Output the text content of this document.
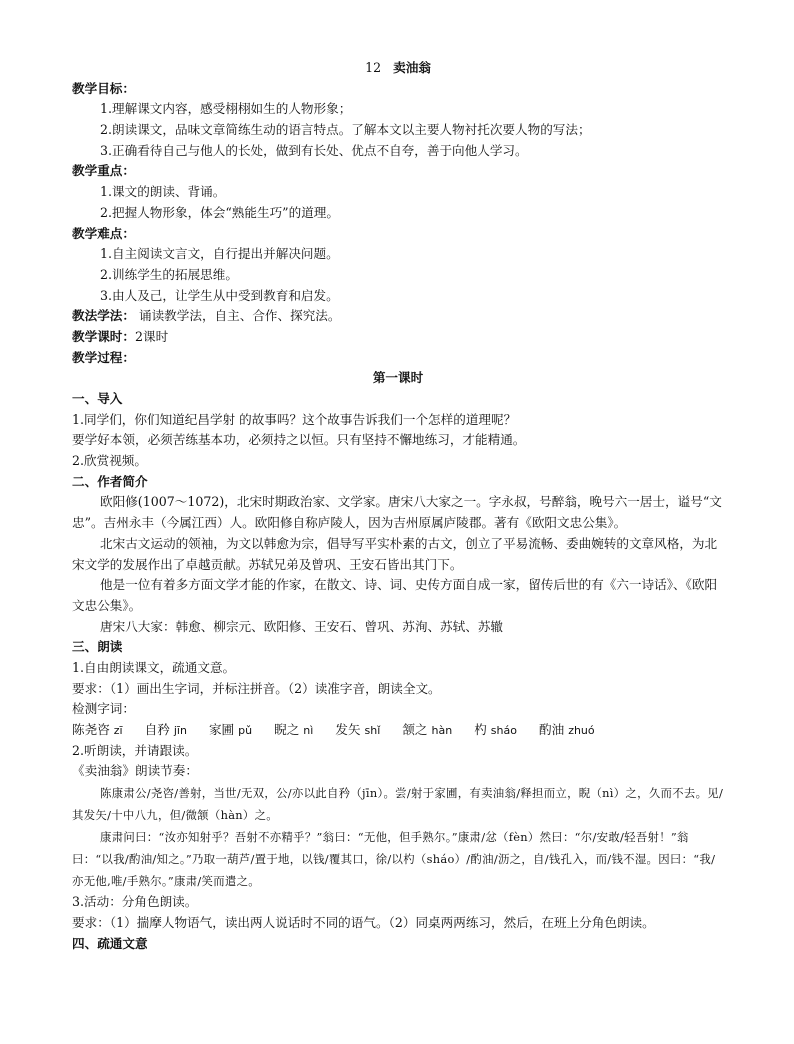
12 卖油翁
教学目标：
1.理解课文内容，感受栩栩如生的人物形象；
2.朗读课文，品味文章简练生动的语言特点。了解本文以主要人物衬托次要人物的写法；
3.正确看待自己与他人的长处，做到有长处、优点不自夸，善于向他人学习。
教学重点：
1.课文的朗读、背诵。
2.把握人物形象，体会“熟能生巧”的道理。
教学难点：
1.自主阅读文言文，自行提出并解决问题。
2.训练学生的拓展思维。
3.由人及己，让学生从中受到教育和启发。
教法学法： 诵读教学法，自主、合作、探究法。
教学课时：2课时
教学过程：
第一课时
一、导入
1.同学们，你们知道纪昌学射 的故事吗？这个故事告诉我们一个怎样的道理呢？
要学好本领，必须苦练基本功，必须持之以恒。只有坚持不懈地练习，才能精通。
2.欣赏视频。
二、作者简介
欧阳修(1007～1072)，北宋时期政治家、文学家。唐宋八大家之一。字永叔，号醉翁，晚号六一居士，谥号“文忠”。吉州永丰（今属江西）人。欧阳修自称庐陵人，因为吉州原属庐陵郡。著有《欧阳文忠公集》。
北宋古文运动的领袖，为文以韩愈为宗，倡导写平实朴素的古文，创立了平易流畅、委曲婉转的文章风格，为北宋文学的发展作出了卓越贡献。苏轼兄弟及曾巩、王安石皆出其门下。
他是一位有着多方面文学才能的作家，在散文、诗、词、史传方面自成一家，留传后世的有《六一诗话》、《欧阳文忠公集》。
唐宋八大家：韩愈、柳宗元、欧阳修、王安石、曾巩、苏洵、苏轼、苏辙
三、朗读
1.自由朗读课文，疏通文意。
要求：（1）画出生字词，并标注拼音。（2）读准字音，朗读全文。
检测字词：
陈尧咨 zī 自矜 jīn 家圃 pǔ 睨之 nì 发矢 shǐ 颔之 hàn 杓 sháo 酌油 zhuó
2.听朗读，并请跟读。
《卖油翁》朗读节奏：
陈康肃公/尧咨/善射，当世/无双，公/亦以此自矜（jīn）。尝/射于家圃，有卖油翁/释担而立，睨（nì）之，久而不去。见/其发矢/十中八九，但/微颔（hàn）之。
康肃问曰：“汝亦知射乎？吾射不亦精乎？”翁曰：“无他，但手熟尔。”康肃/忿（fèn）然曰：“尔/安敢/轻吾射！”翁曰：“以我/酌油/知之。”乃取一葫芦/置于地，以钱/覆其口，徐/以杓（sháo）/酌油/沥之，自/钱孔入，而/钱不湿。因曰：“我/亦无他,唯/手熟尔。”康肃/笑而遣之。
3.活动：分角色朗读。
要求：（1）揣摩人物语气，读出两人说话时不同的语气。（2）同桌两两练习，然后，在班上分角色朗读。
四、疏通文意
